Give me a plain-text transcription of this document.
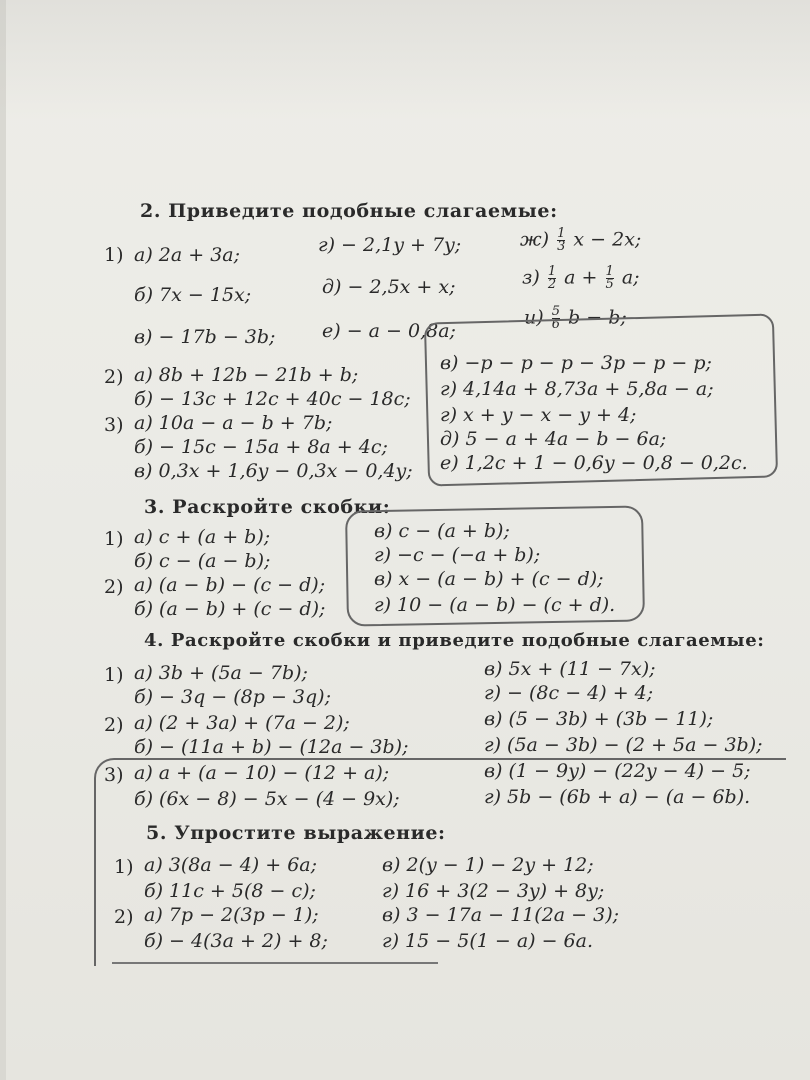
2. Приведите подобные слагаемые:
1) а) 2a + 3a;	г) − 2,1y + 7y;	$ж) \frac{1}{3}$ x − 2x;
б) 7x − 15x;	д) − 2,5x + x;	$з) \frac{1}{2}$ $a + \frac{1}{5} a$;
в) − 17b − 3b; е) − a − 0,8a;
$и) \frac{5}{6}$ b − b;
2) а) 8b + 12b − 21b + b;
б) − 13c + 12c + 40c − 18c;
в) −p − p − p − 3p − p − p;
г) 4,14a + 8,73a + 5,8a − a;
3) а) 10a − a − b + 7b;
б) − 15c − 15a + 8a + 4c;
в) 0,3x + 1,6y − 0,3x − 0,4y;
г) x + y − x − y + 4;
д) 5 − a + 4a − b − 6a;
е) 1,2c + 1 − 0,6y − 0,8 − 0,2c.
3. Раскройте скобки:
1) а) c + (a + b);
б) c − (a − b);
в) c − (a + b);
г) −c − (−a + b);
2) а) (a − b) − (c − d);
б) (a − b) + (c − d);
в) x − (a − b) + (c − d);
г) 10 − (a − b) − (c + d).
4. Раскройте скобки и приведите подобные слагаемые:
1) а) 3b + (5a − 7b);
б) − 3q − (8p − 3q);
в) 5x + (11 − 7x);
г) − (8c − 4) + 4;
2) а) (2 + 3a) + (7a − 2);
б) − (11a + b) − (12a − 3b);
в) (5 − 3b) + (3b − 11);
г) (5a − 3b) − (2 + 5a − 3b);
3) а) a + (a − 10) − (12 + a);
б) (6x − 8) − 5x − (4 − 9x);
в) (1 − 9y) − (22y − 4) − 5;
г) 5b − (6b + a) − (a − 6b).
5. Упростите выражение:
1) а) 3(8a − 4) + 6a;
б) 11c + 5(8 − c);
в) 2(y − 1) − 2y + 12;
г) 16 + 3(2 − 3y) + 8y;
2) а) 7p − 2(3p − 1);
б) − 4(3a + 2) + 8;
в) 3 − 17a − 11(2a − 3);
г) 15 − 5(1 − a) − 6a.
